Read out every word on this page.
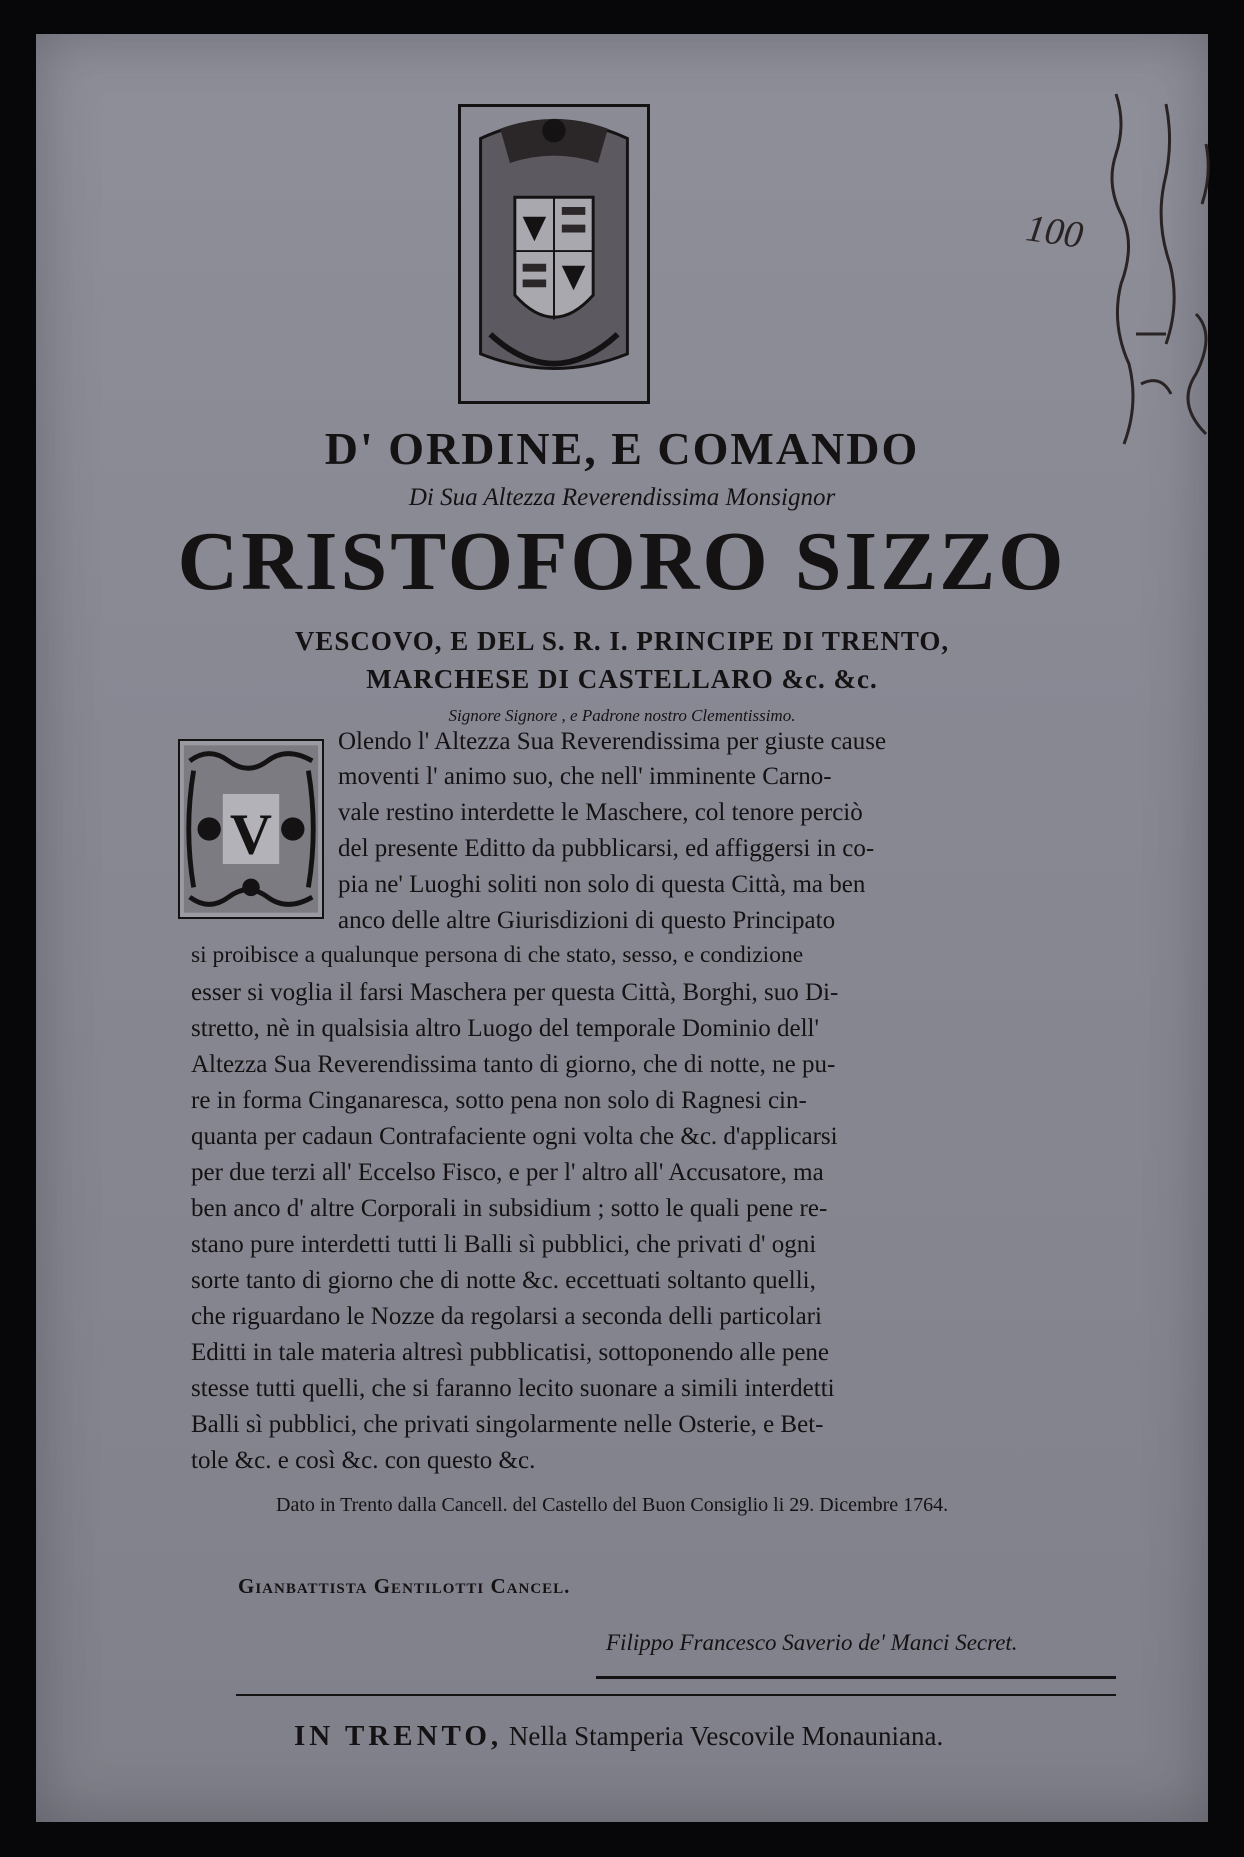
D' ORDINE, E COMANDO
Di Sua Altezza Reverendissima Monsignor
CRISTOFORO SIZZO
VESCOVO, E DEL S. R. I. PRINCIPE DI TRENTO,
MARCHESE DI CASTELLARO &c. &c.
Signore Signore , e Padrone nostro Clementissimo.
V
Olendo l' Altezza Sua Reverendissima per giuste cause
moventi l' animo suo, che nell' imminente Carno-
vale restino interdette le Maschere, col tenore perciò
del presente Editto da pubblicarsi, ed affiggersi in co-
pia ne' Luoghi soliti non solo di questa Città, ma ben
anco delle altre Giurisdizioni di questo Principato
si proibisce a qualunque persona di che stato, sesso, e condizione
esser si voglia il farsi Maschera per questa Città, Borghi, suo Di-
stretto, nè in qualsisia altro Luogo del temporale Dominio dell'
Altezza Sua Reverendissima tanto di giorno, che di notte, ne pu-
re in forma Cinganaresca, sotto pena non solo di Ragnesi cin-
quanta per cadaun Contrafaciente ogni volta che &c. d'applicarsi
per due terzi all' Eccelso Fisco, e per l' altro all' Accusatore, ma
ben anco d' altre Corporali in subsidium ; sotto le quali pene re-
stano pure interdetti tutti li Balli sì pubblici, che privati d' ogni
sorte tanto di giorno che di notte &c. eccettuati soltanto quelli,
che riguardano le Nozze da regolarsi a seconda delli particolari
Editti in tale materia altresì pubblicatisi, sottoponendo alle pene
stesse tutti quelli, che si faranno lecito suonare a simili interdetti
Balli sì pubblici, che privati singolarmente nelle Osterie, e Bet-
tole &c. e così &c. con questo &c.
Dato in Trento dalla Cancell. del Castello del Buon Consiglio li 29. Dicembre 1764.
Gianbattista Gentilotti Cancel.
Filippo Francesco Saverio de' Manci Secret.
IN TRENTO, Nella Stamperia Vescovile Monauniana.
100
